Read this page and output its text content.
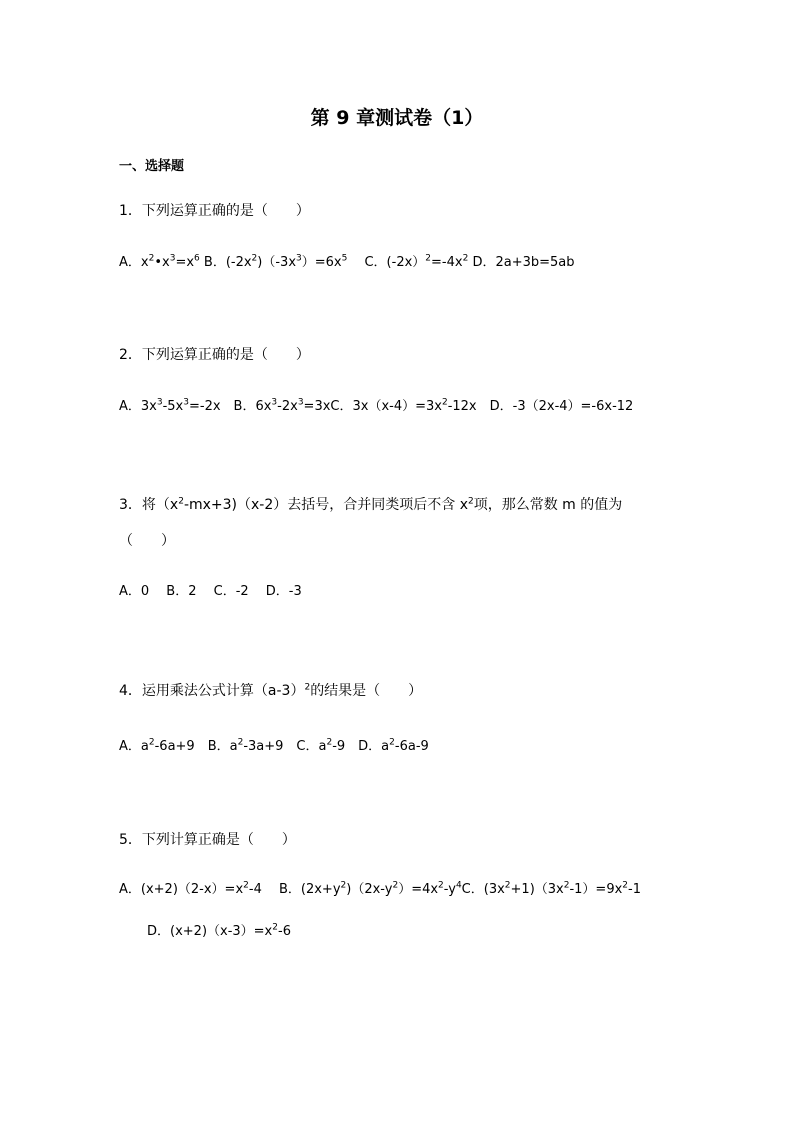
第 9 章测试卷（1）
一、选择题
1．下列运算正确的是（　　）
A．$x^2•x^3=x^6$ B．$(-2x^2)(-3x^3)=6x^5$　 C．$(-2x)^2=-4x^2$ D．2a+3b=5ab
2．下列运算正确的是（　　）
A．$3x^3-5x^3=-2x$　B．$6x^3-2x^3=3xC$．$3x(x-4)=3x^2-12x$　D．-3（2x-4）=-6x-12
3．将$(x^2-mx+3)(x-2)$去括号，合并同类项后不含 $x^2$项，那么常数 m 的值为
（　　）
A．0　 B．2　 C．-2　 D．-3
4．运用乘法公式计算$(a-3)^2$的结果是（　　）
A．$a^2-6a+9$　B．$a^2-3a+9$　C．$a^2-9$　D．$a^2-6a-9$
5．下列计算正确是（　　）
A．$(x+2)(2-x)=x^2-4$　 B．$(2x+y^2)(2x-y^2)=4x^2-y^4C$．$(3x^2+1)(3x^2-1)=9x^2-1$
D．$(x+2)(x-3)=x^2-6$
